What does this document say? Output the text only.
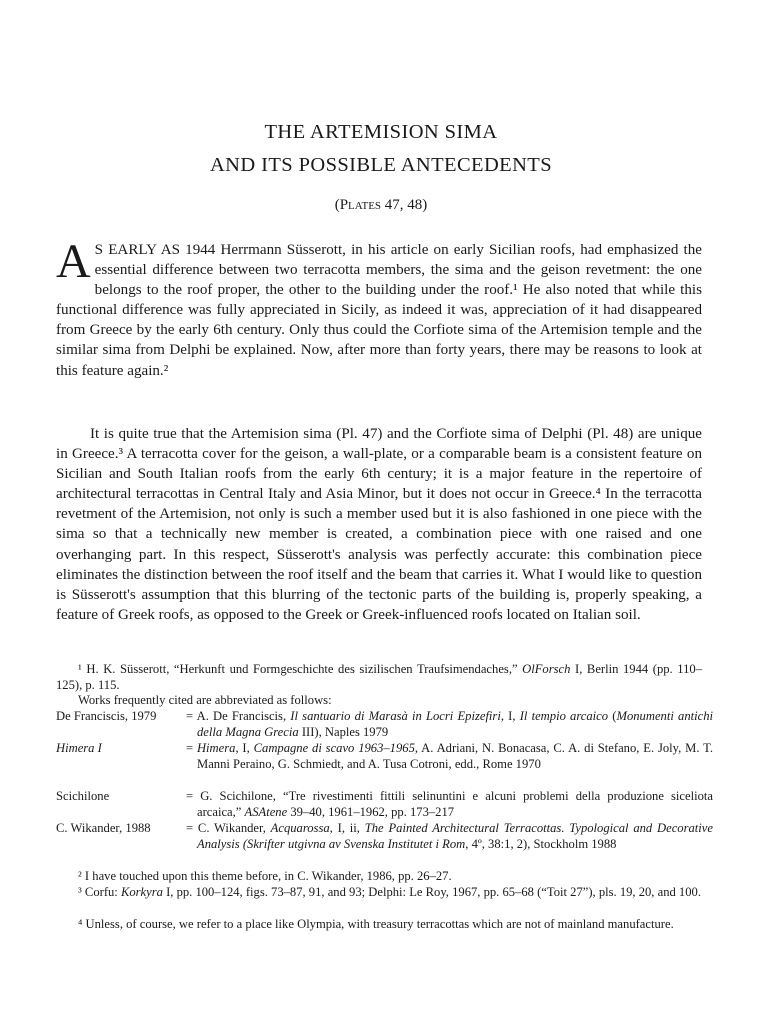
THE ARTEMISION SIMA
AND ITS POSSIBLE ANTECEDENTS
(Plates 47, 48)
A S EARLY AS 1944 Herrmann Süsserott, in his article on early Sicilian roofs, had emphasized the essential difference between two terracotta members, the sima and the geison revetment: the one belongs to the roof proper, the other to the building under the roof.¹ He also noted that while this functional difference was fully appreciated in Sicily, as indeed it was, appreciation of it had disappeared from Greece by the early 6th century. Only thus could the Corfiote sima of the Artemision temple and the similar sima from Delphi be explained. Now, after more than forty years, there may be reasons to look at this feature again.²
It is quite true that the Artemision sima (Pl. 47) and the Corfiote sima of Delphi (Pl. 48) are unique in Greece.³ A terracotta cover for the geison, a wall-plate, or a comparable beam is a consistent feature on Sicilian and South Italian roofs from the early 6th century; it is a major feature in the repertoire of architectural terracottas in Central Italy and Asia Minor, but it does not occur in Greece.⁴ In the terracotta revetment of the Artemision, not only is such a member used but it is also fashioned in one piece with the sima so that a technically new member is created, a combination piece with one raised and one overhanging part. In this respect, Süsserott's analysis was perfectly accurate: this combination piece eliminates the distinction between the roof itself and the beam that carries it. What I would like to question is Süsserott's assumption that this blurring of the tectonic parts of the building is, properly speaking, a feature of Greek roofs, as opposed to the Greek or Greek-influenced roofs located on Italian soil.
¹ H. K. Süsserott, “Herkunft und Formgeschichte des sizilischen Traufsimendaches,” OlForsch I, Berlin 1944 (pp. 110–125), p. 115.
Works frequently cited are abbreviated as follows:
De Franciscis, 1979	= A. De Franciscis, Il santuario di Marasà in Locri Epizefiri, I, Il tempio arcaico (Monumenti antichi della Magna Grecia III), Naples 1979
Himera I	= Himera, I, Campagne di scavo 1963–1965, A. Adriani, N. Bonacasa, C. A. di Stefano, E. Joly, M. T. Manni Peraino, G. Schmiedt, and A. Tusa Cotroni, edd., Rome 1970
Scichilone	= G. Scichilone, “Tre rivestimenti fittili selinuntini e alcuni problemi della produzione siceliota arcaica,” ASAtene 39–40, 1961–1962, pp. 173–217
C. Wikander, 1988	= C. Wikander, Acquarossa, I, ii, The Painted Architectural Terracottas. Typological and Decorative Analysis (Skrifter utgivna av Svenska Institutet i Rom, 4º, 38:1, 2), Stockholm 1988
² I have touched upon this theme before, in C. Wikander, 1986, pp. 26–27.
³ Corfu: Korkyra I, pp. 100–124, figs. 73–87, 91, and 93; Delphi: Le Roy, 1967, pp. 65–68 (“Toit 27”), pls. 19, 20, and 100.
⁴ Unless, of course, we refer to a place like Olympia, with treasury terracottas which are not of mainland manufacture.
